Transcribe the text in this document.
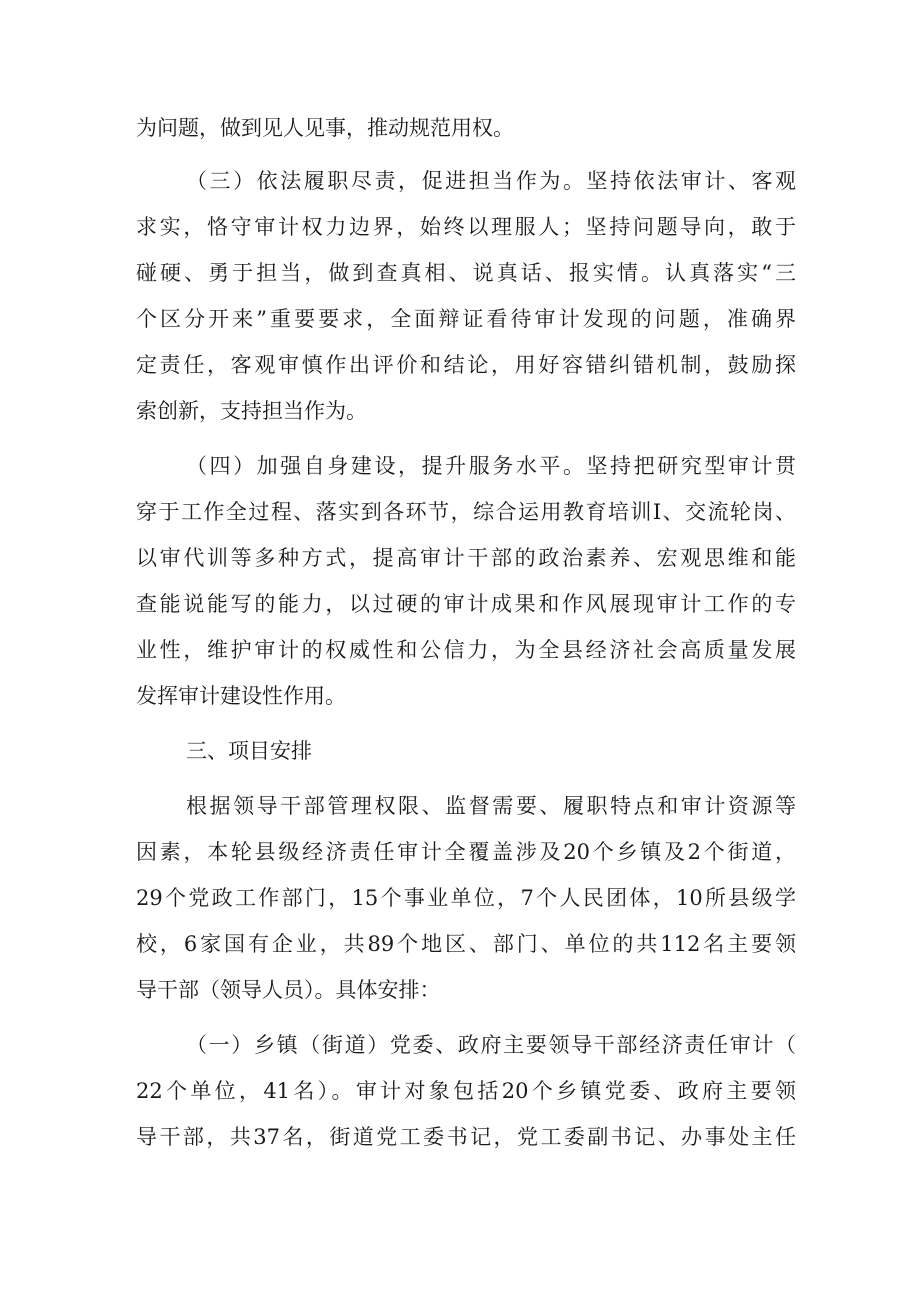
为问题，做到见人见事，推动规范用权。
（三）依法履职尽责，促进担当作为。坚持依法审计、客观
求实，恪守审计权力边界，始终以理服人；坚持问题导向，敢于
碰硬、勇于担当，做到查真相、说真话、报实情。认真落实“三
个区分开来”重要要求，全面辩证看待审计发现的问题，准确界
定责任，客观审慎作出评价和结论，用好容错纠错机制，鼓励探
索创新，支持担当作为。
（四）加强自身建设，提升服务水平。坚持把研究型审计贯
穿于工作全过程、落实到各环节，综合运用教育培训I、交流轮岗、
以审代训等多种方式，提高审计干部的政治素养、宏观思维和能
查能说能写的能力，以过硬的审计成果和作风展现审计工作的专
业性，维护审计的权威性和公信力，为全县经济社会高质量发展
发挥审计建设性作用。
三、项目安排
根据领导干部管理权限、监督需要、履职特点和审计资源等
因素，本轮县级经济责任审计全覆盖涉及20个乡镇及2个街道，
29个党政工作部门，15个事业单位，7个人民团体，10所县级学
校，6家国有企业，共89个地区、部门、单位的共112名主要领
导干部（领导人员）。具体安排：
（一）乡镇（街道）党委、政府主要领导干部经济责任审计（
22个单位，41名）。审计对象包括20个乡镇党委、政府主要领
导干部，共37名，街道党工委书记，党工委副书记、办事处主任
